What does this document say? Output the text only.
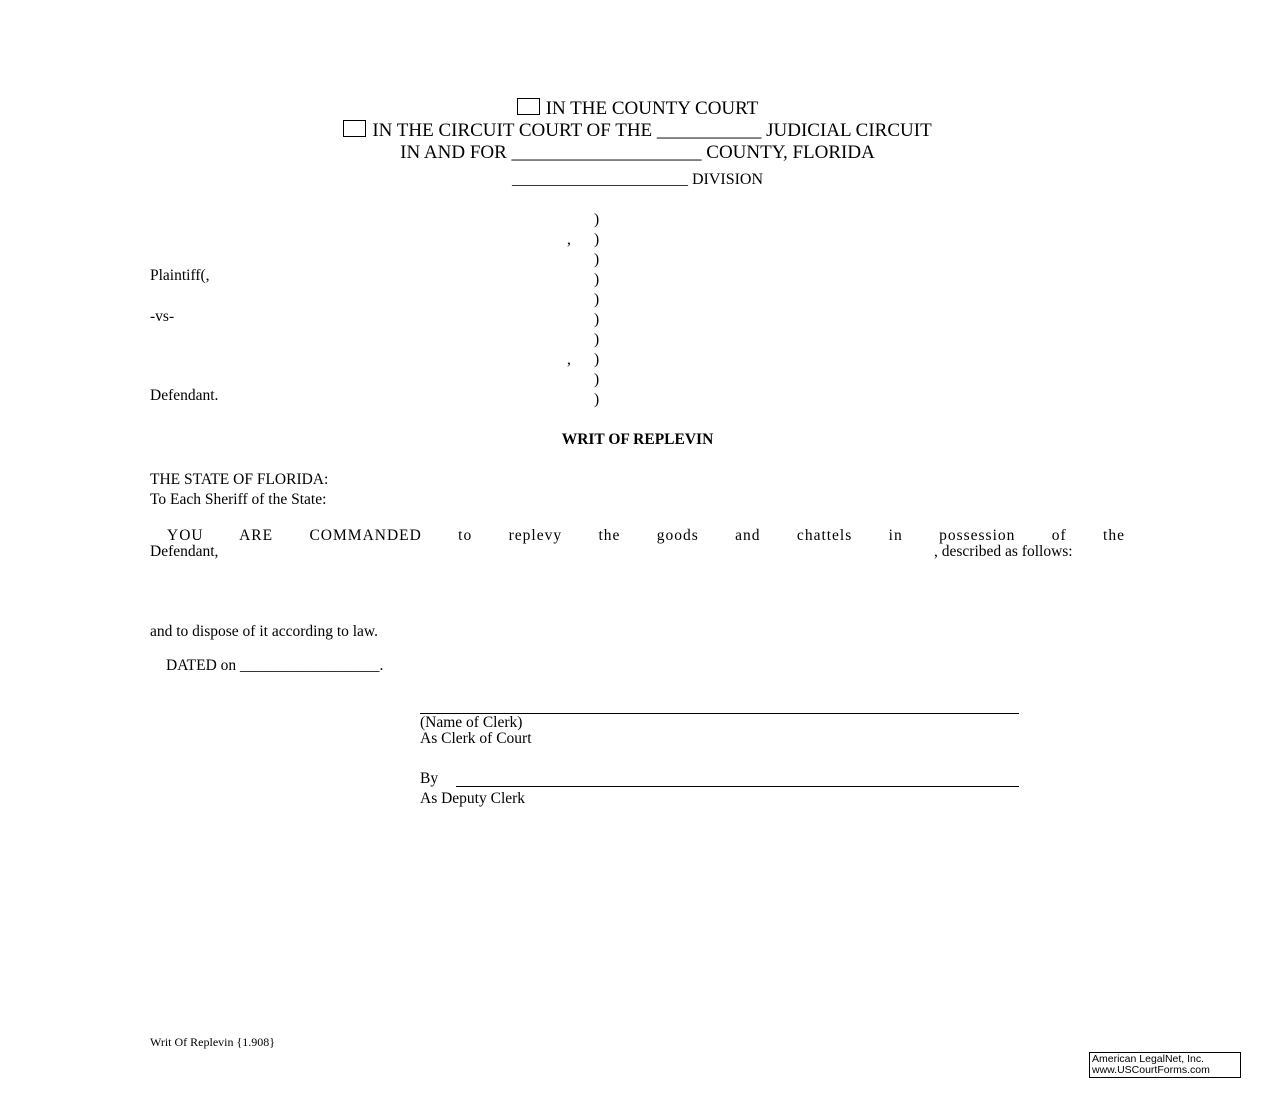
IN THE COUNTY COURT
IN THE CIRCUIT COURT OF THE ___________ JUDICIAL CIRCUIT
IN AND FOR ____________________ COUNTY, FLORIDA
______________________ DIVISION
)
)
)
)
)
)
)
)
)
)
,
,
Plaintiff(,
-vs-
Defendant.
WRIT OF REPLEVIN
THE STATE OF FLORIDA:
To Each Sheriff of the State:
YOU ARE COMMANDED to replevy the goods and chattels in possession of the
Defendant,	, described as follows:
and to dispose of it according to law.
DATED on __________________.
(Name of Clerk)
As Clerk of Court
By
As Deputy Clerk
Writ Of Replevin {1.908}
American LegalNet, Inc.
www.USCourtForms.com
